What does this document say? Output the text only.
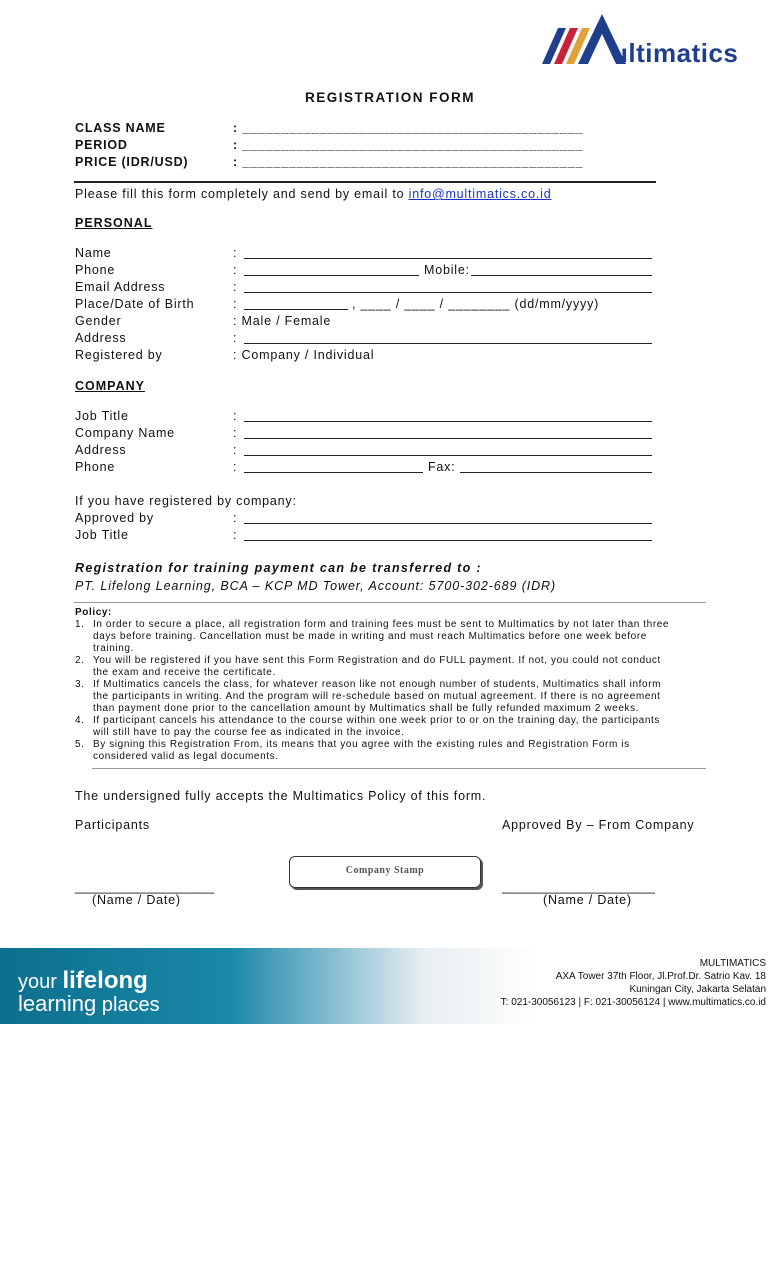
ultimatics
REGISTRATION FORM
CLASS NAME	: ____________________________________________
PERIOD	: ____________________________________________
PRICE (IDR/USD)	: ____________________________________________
Please fill this form completely and send by email to info@multimatics.co.id
PERSONAL
Name	:
Phone	:	Mobile:
Email Address	:
Place/Date of Birth	:	, ____ / ____ / ________ (dd/mm/yyyy)
Gender	: Male / Female
Address	:
Registered by	: Company / Individual
COMPANY
Job Title	:
Company Name	:
Address	:
Phone	:	Fax:
If you have registered by company:
Approved by	:
Job Title	:
Registration for training payment can be transferred to :
PT. Lifelong Learning, BCA – KCP MD Tower, Account: 5700-302-689 (IDR)
Policy:
1. In order to secure a place, all registration form and training fees must be sent to Multimatics by not later than three
days before training. Cancellation must be made in writing and must reach Multimatics before one week before
training.
2. You will be registered if you have sent this Form Registration and do FULL payment. If not, you could not conduct
the exam and receive the certificate.
3. If Multimatics cancels the class, for whatever reason like not enough number of students, Multimatics shall inform
the participants in writing. And the program will re-schedule based on mutual agreement. If there is no agreement
than payment done prior to the cancellation amount by Multimatics shall be fully refunded maximum 2 weeks.
4. If participant cancels his attendance to the course within one week prior to or on the training day, the participants
will still have to pay the course fee as indicated in the invoice.
5. By signing this Registration From, its means that you agree with the existing rules and Registration Form is
considered valid as legal documents.
The undersigned fully accepts the Multimatics Policy of this form.
Participants	Approved By – From Company
Company Stamp
____________________	______________________
(Name / Date)	(Name / Date)
your lifelong
learning places
MULTIMATICS
AXA Tower 37th Floor, Jl.Prof.Dr. Satrio Kav. 18
Kuningan City, Jakarta Selatan
T: 021-30056123 | F: 021-30056124 | www.multimatics.co.id
